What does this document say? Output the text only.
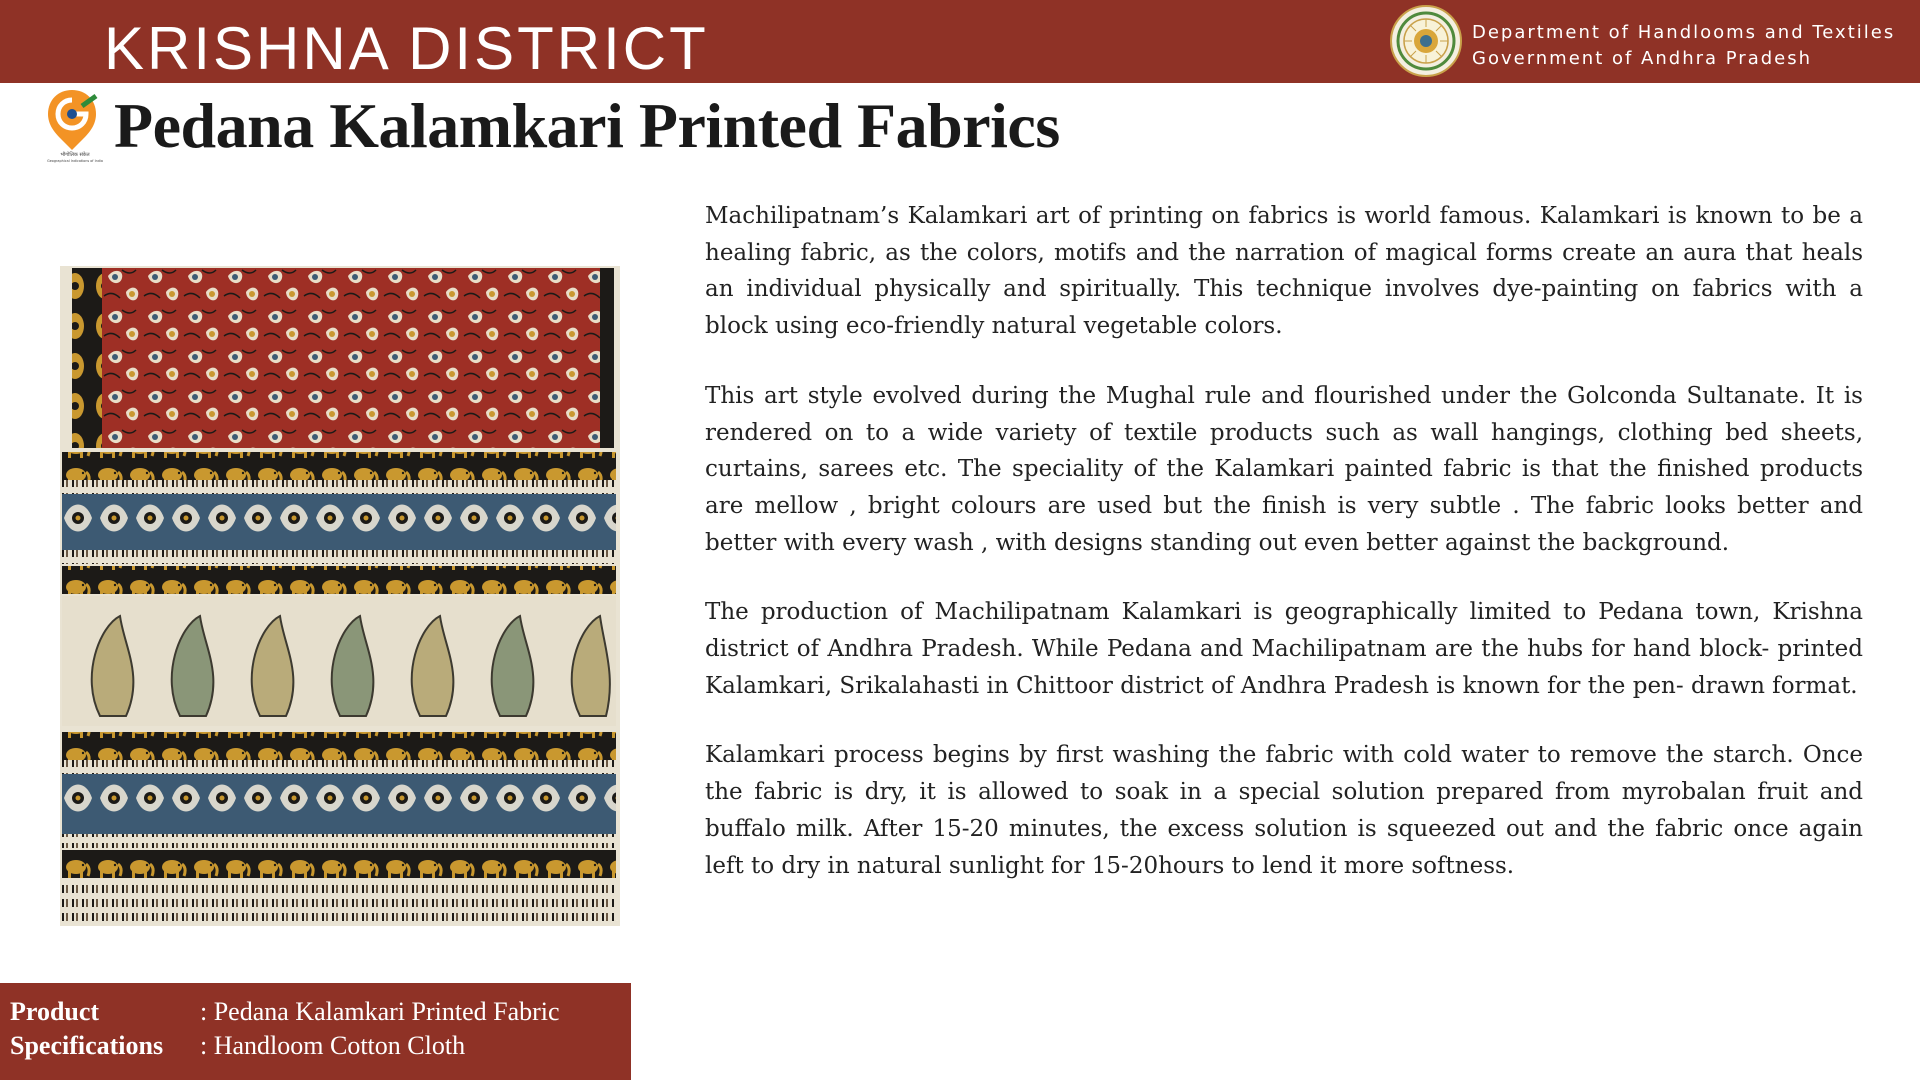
KRISHNA DISTRICT	Department of Handlooms and Textiles
Government of Andhra Pradesh
भौगोलिक संकेत
Geographical Indications of India Pedana Kalamkari Printed Fabrics

Machilipatnam’s Kalamkari art of printing on fabrics is world famous. Kalamkari is known to be a healing fabric, as the colors, motifs and the narration of magical forms create an aura that heals an individual physically and spiritually. This technique involves dye-painting on fabrics with a block using eco-friendly natural vegetable colors.

This art style evolved during the Mughal rule and flourished under the Golconda Sultanate. It is rendered on to a wide variety of textile products such as wall hangings, clothing bed sheets, curtains, sarees etc. The speciality of the Kalamkari painted fabric is that the finished products are mellow , bright colours are used but the finish is very subtle . The fabric looks better and better with every wash , with designs standing out even better against the background.

The production of Machilipatnam Kalamkari is geographically limited to Pedana town, Krishna district of Andhra Pradesh. While Pedana and Machilipatnam are the hubs for hand block- printed Kalamkari, Srikalahasti in Chittoor district of Andhra Pradesh is known for the pen- drawn format.

Kalamkari process begins by first washing the fabric with cold water to remove the starch. Once the fabric is dry, it is allowed to soak in a special solution prepared from myrobalan fruit and buffalo milk. After 15-20 minutes, the excess solution is squeezed out and the fabric once again left to dry in natural sunlight for 15-20hours to lend it more softness.

Product	: Pedana Kalamkari Printed Fabric
Specifications : Handloom Cotton Cloth
